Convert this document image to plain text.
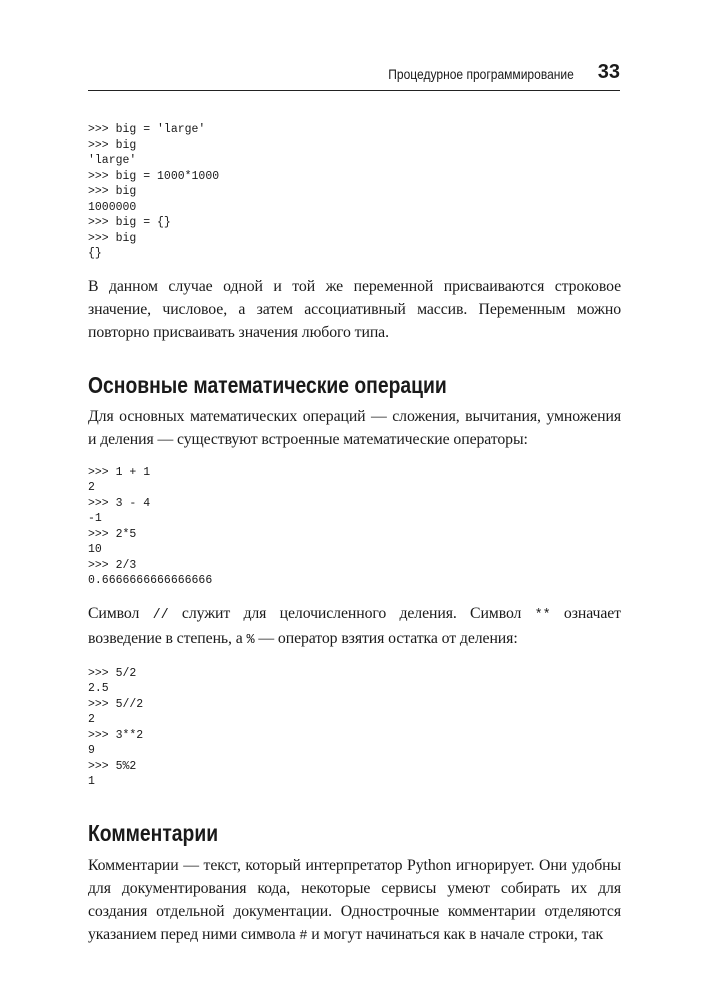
Процедурное программирование 33
>>> big = 'large'
>>> big
'large'
>>> big = 1000*1000
>>> big
1000000
>>> big = {}
>>> big
{}

В данном случае одной и той же переменной присваиваются строковое значение, числовое, а затем ассоциативный массив. Переменным можно повторно присваивать значения любого типа.

Основные математические операции

Для основных математических операций — сложения, вычитания, умножения и деления — существуют встроенные математические операторы:

>>> 1 + 1
2
>>> 3 - 4
-1
>>> 2*5
10
>>> 2/3
0.6666666666666666

Символ // служит для целочисленного деления. Символ ** означает возведение в степень, а % — оператор взятия остатка от деления:

>>> 5/2
2.5
>>> 5//2
2
>>> 3**2
9
>>> 5%2
1
Комментарии

Комментарии — текст, который интерпретатор Python игнорирует. Они удобны для документирования кода, некоторые сервисы умеют собирать их для создания отдельной документации. Однострочные комментарии отделяются указанием перед ними символа # и могут начинаться как в начале строки, так
